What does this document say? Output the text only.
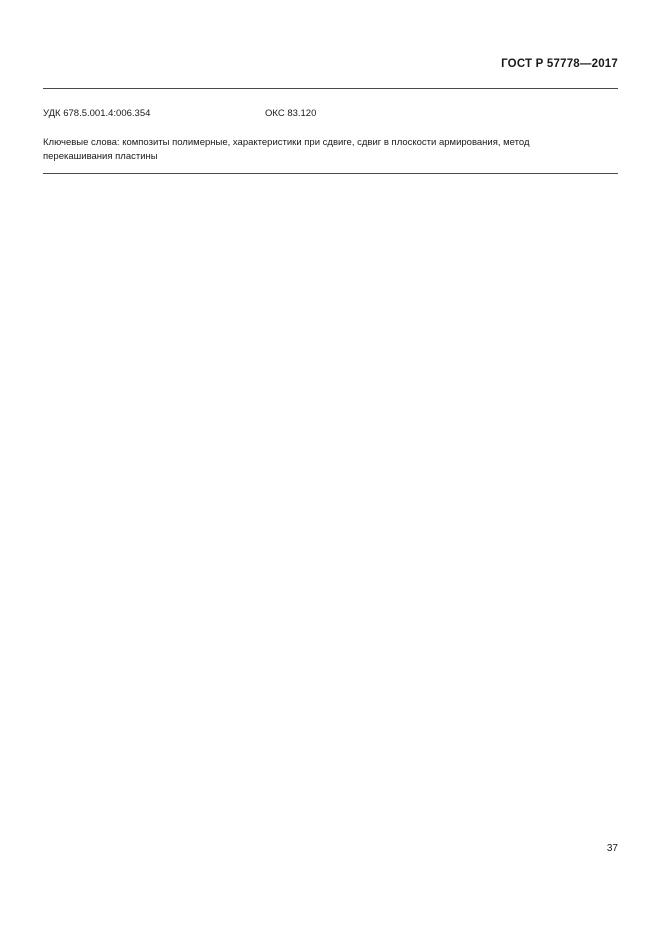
ГОСТ Р 57778—2017
УДК 678.5.001.4:006.354	ОКС 83.120
Ключевые слова: композиты полимерные, характеристики при сдвиге, сдвиг в плоскости армирования, метод перекашивания пластины
37
